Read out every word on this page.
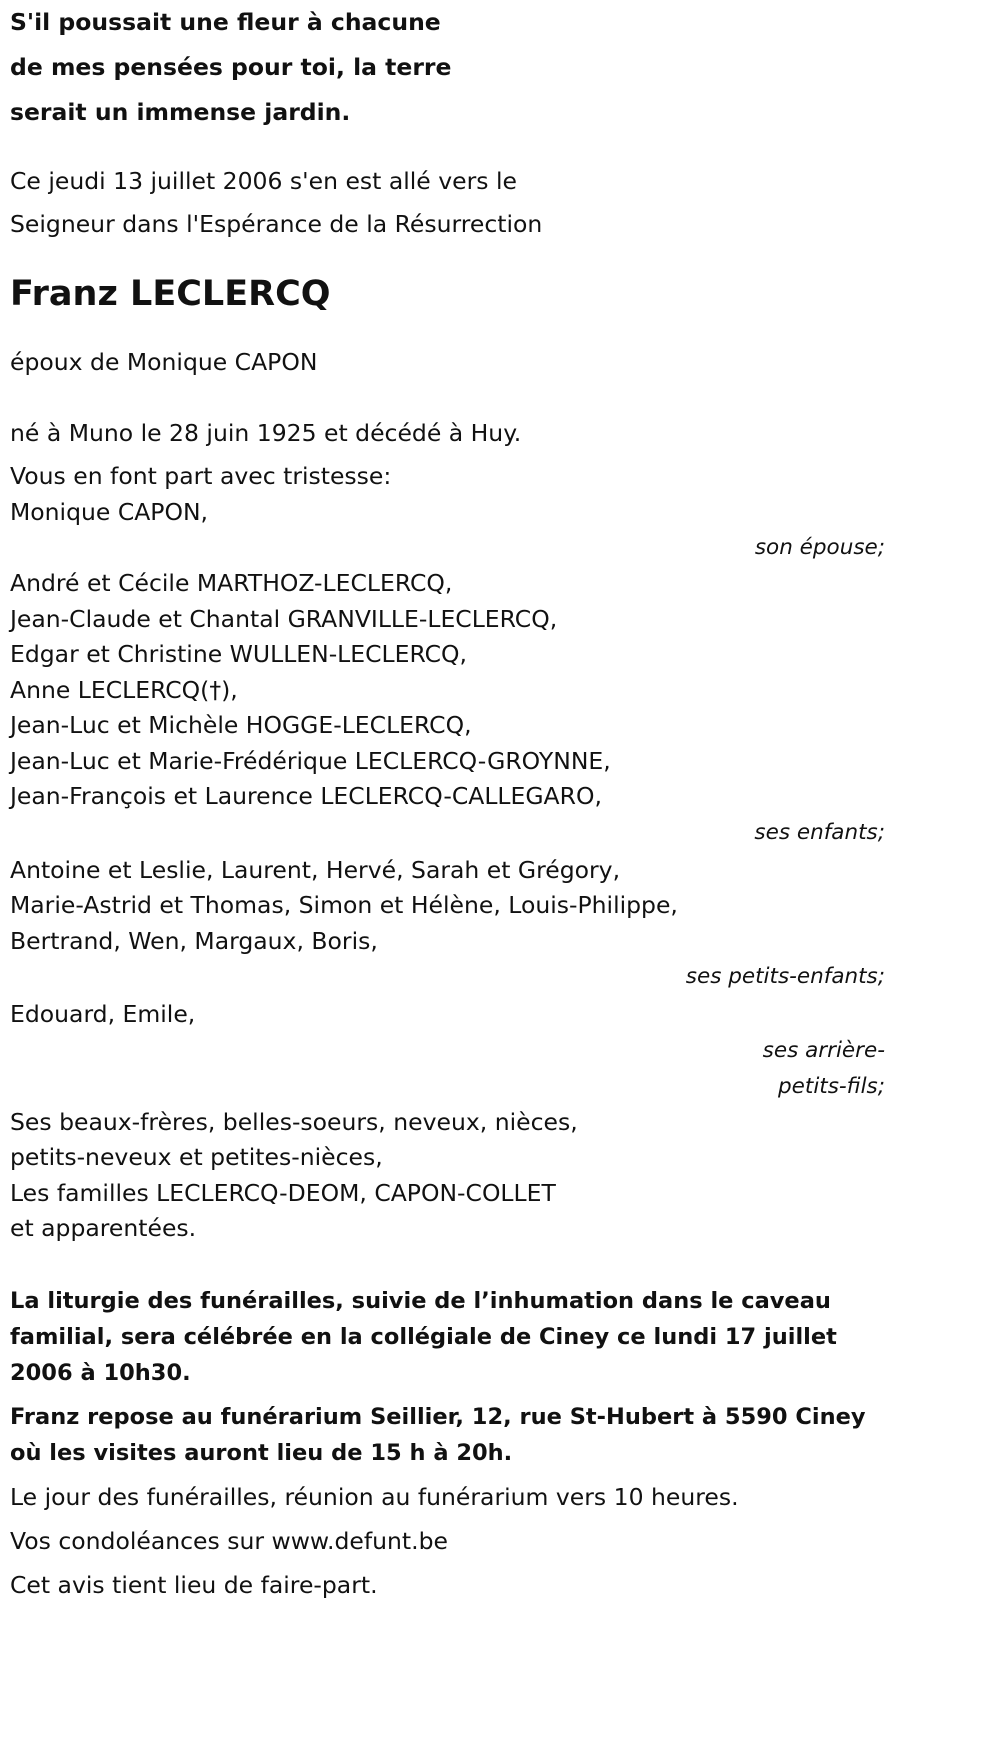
S'il poussait une fleur à chacune
de mes pensées pour toi, la terre
serait un immense jardin.
Ce jeudi 13 juillet 2006 s'en est allé vers le
Seigneur dans l'Espérance de la Résurrection
Franz LECLERCQ
époux de Monique CAPON
né à Muno le 28 juin 1925 et décédé à Huy.
Vous en font part avec tristesse:
Monique CAPON,
son épouse;
André et Cécile MARTHOZ-LECLERCQ,
Jean-Claude et Chantal GRANVILLE-LECLERCQ,
Edgar et Christine WULLEN-LECLERCQ,
Anne LECLERCQ(†),
Jean-Luc et Michèle HOGGE-LECLERCQ,
Jean-Luc et Marie-Frédérique LECLERCQ-GROYNNE,
Jean-François et Laurence LECLERCQ-CALLEGARO,
ses enfants;
Antoine et Leslie, Laurent, Hervé, Sarah et Grégory,
Marie-Astrid et Thomas, Simon et Hélène, Louis-Philippe,
Bertrand, Wen, Margaux, Boris,
ses petits-enfants;
Edouard, Emile,
ses arrière-
petits-fils;
Ses beaux-frères, belles-soeurs, neveux, nièces,
petits-neveux et petites-nièces,
Les familles LECLERCQ-DEOM, CAPON-COLLET
et apparentées.
La liturgie des funérailles, suivie de l’inhumation dans le caveau familial, sera célébrée en la collégiale de Ciney ce lundi 17 juillet 2006 à 10h30.
Franz repose au funérarium Seillier, 12, rue St-Hubert à 5590 Ciney où les visites auront lieu de 15 h à 20h.
Le jour des funérailles, réunion au funérarium vers 10 heures.
Vos condoléances sur www.defunt.be
Cet avis tient lieu de faire-part.
